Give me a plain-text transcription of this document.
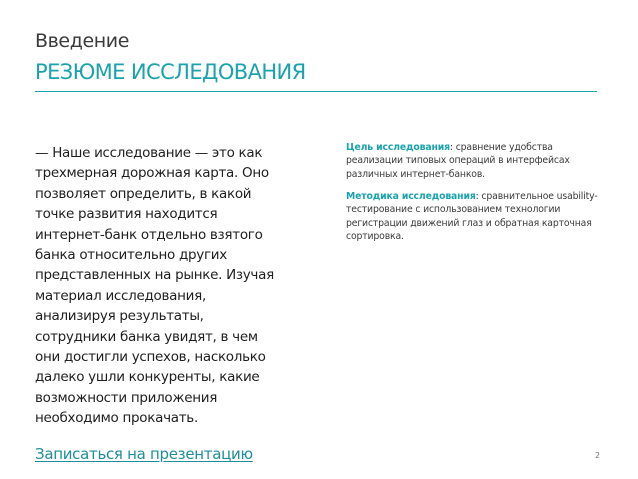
Введение
РЕЗЮМЕ ИССЛЕДОВАНИЯ

— Наше исследование — это как
трехмерная дорожная карта. Оно
позволяет определить, в какой
точке развития находится
интернет-банк отдельно взятого
банка относительно других
представленных на рынке. Изучая
материал исследования,
анализируя результаты,
сотрудники банка увидят, в чем
они достигли успехов, насколько
далеко ушли конкуренты, какие
возможности приложения
необходимо прокачать.

Цель исследования: сравнение удобства
реализации типовых операций в интерфейсах
различных интернет-банков.

Методика исследования: сравнительное usability-
тестирование с использованием технологии
регистрации движений глаз и обратная карточная
сортировка.

Записаться на презентацию	2
